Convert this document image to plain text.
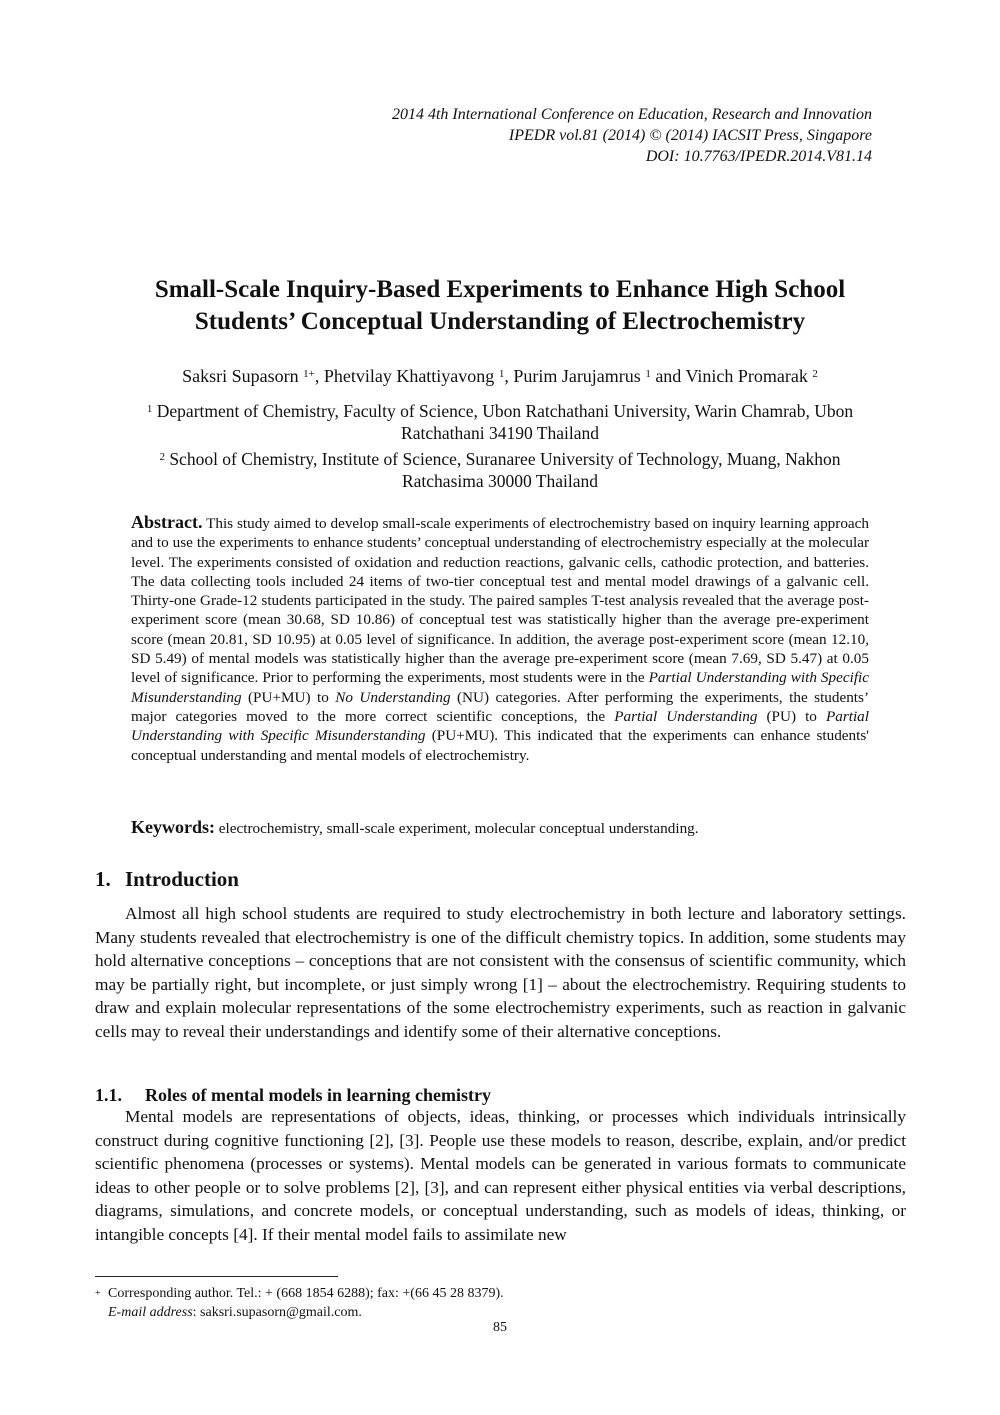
2014 4th International Conference on Education, Research and Innovation
IPEDR vol.81 (2014) © (2014) IACSIT Press, Singapore
DOI: 10.7763/IPEDR.2014.V81.14
Small-Scale Inquiry-Based Experiments to Enhance High School
Students’ Conceptual Understanding of Electrochemistry
Saksri Supasorn $^{1+}$, Phetvilay Khattiyavong $^1$, Purim Jarujamrus $^1$ and Vinich Promarak $^2$
$^1$ Department of Chemistry, Faculty of Science, Ubon Ratchathani University, Warin Chamrab, Ubon
Ratchathani 34190 Thailand
$^2$ School of Chemistry, Institute of Science, Suranaree University of Technology, Muang, Nakhon
Ratchasima 30000 Thailand
Abstract. This study aimed to develop small-scale experiments of electrochemistry based on inquiry learning approach and to use the experiments to enhance students’ conceptual understanding of electrochemistry especially at the molecular level. The experiments consisted of oxidation and reduction reactions, galvanic cells, cathodic protection, and batteries. The data collecting tools included 24 items of two-tier conceptual test and mental model drawings of a galvanic cell. Thirty-one Grade-12 students participated in the study. The paired samples T-test analysis revealed that the average post-experiment score (mean 30.68, SD 10.86) of conceptual test was statistically higher than the average pre-experiment score (mean 20.81, SD 10.95) at 0.05 level of significance. In addition, the average post-experiment score (mean 12.10, SD 5.49) of mental models was statistically higher than the average pre-experiment score (mean 7.69, SD 5.47) at 0.05 level of significance. Prior to performing the experiments, most students were in the Partial Understanding with Specific Misunderstanding (PU+MU) to No Understanding (NU) categories. After performing the experiments, the students’ major categories moved to the more correct scientific conceptions, the Partial Understanding (PU) to Partial Understanding with Specific Misunderstanding (PU+MU). This indicated that the experiments can enhance students' conceptual understanding and mental models of electrochemistry.
Keywords: electrochemistry, small-scale experiment, molecular conceptual understanding.
1. Introduction

Almost all high school students are required to study electrochemistry in both lecture and laboratory settings. Many students revealed that electrochemistry is one of the difficult chemistry topics. In addition, some students may hold alternative conceptions – conceptions that are not consistent with the consensus of scientific community, which may be partially right, but incomplete, or just simply wrong [1] – about the electrochemistry. Requiring students to draw and explain molecular representations of the some electrochemistry experiments, such as reaction in galvanic cells may to reveal their understandings and identify some of their alternative conceptions.

1.1. Roles of mental models in learning chemistry

Mental models are representations of objects, ideas, thinking, or processes which individuals intrinsically construct during cognitive functioning [2], [3]. People use these models to reason, describe, explain, and/or predict scientific phenomena (processes or systems). Mental models can be generated in various formats to communicate ideas to other people or to solve problems [2], [3], and can represent either physical entities via verbal descriptions, diagrams, simulations, and concrete models, or conceptual understanding, such as models of ideas, thinking, or intangible concepts [4]. If their mental model fails to assimilate new

+ Corresponding author. Tel.: + (668 1854 6288); fax: +(66 45 28 8379).
E-mail address: saksri.supasorn@gmail.com.
85
